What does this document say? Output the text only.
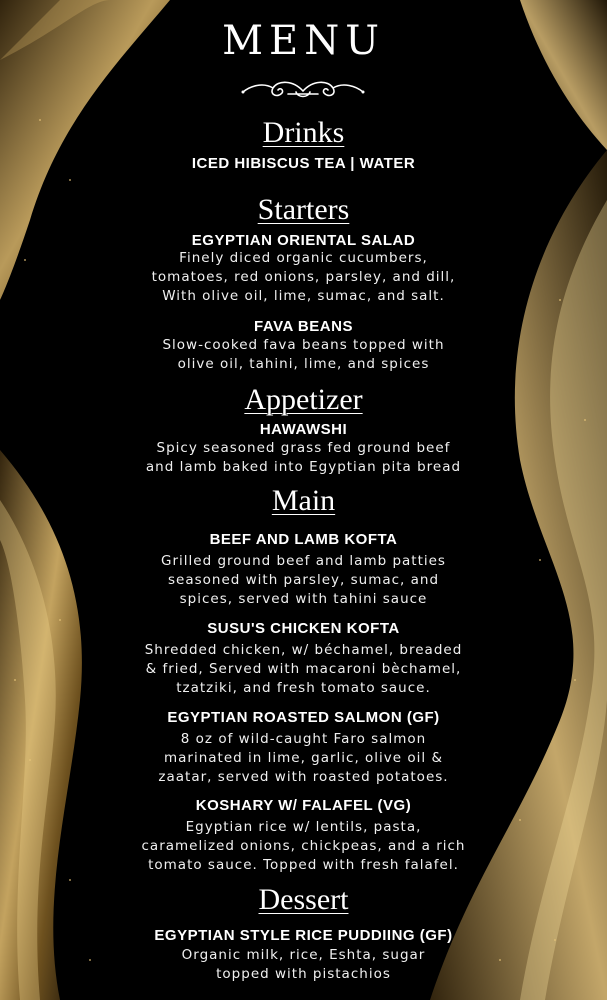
MENU
Drinks
ICED HIBISCUS TEA | WATER
Starters
EGYPTIAN ORIENTAL SALAD
Finely diced organic cucumbers,
tomatoes, red onions, parsley, and dill,
With olive oil, lime, sumac, and salt.
FAVA BEANS
Slow-cooked fava beans topped with
olive oil, tahini, lime, and spices
Appetizer
HAWAWSHI
Spicy seasoned grass fed ground beef
and lamb baked into Egyptian pita bread
Main
BEEF AND LAMB KOFTA
Grilled ground beef and lamb patties
seasoned with parsley, sumac, and
spices, served with tahini sauce
SUSU'S CHICKEN KOFTA
Shredded chicken, w/ béchamel, breaded
& fried, Served with macaroni bèchamel,
tzatziki, and fresh tomato sauce.
EGYPTIAN ROASTED SALMON (GF)
8 oz of wild-caught Faro salmon
marinated in lime, garlic, olive oil &
zaatar, served with roasted potatoes.
KOSHARY W/ FALAFEL (VG)
Egyptian rice w/ lentils, pasta,
caramelized onions, chickpeas, and a rich
tomato sauce. Topped with fresh falafel.
Dessert
EGYPTIAN STYLE RICE PUDDIING (GF)
Organic milk, rice, Eshta, sugar
topped with pistachios
